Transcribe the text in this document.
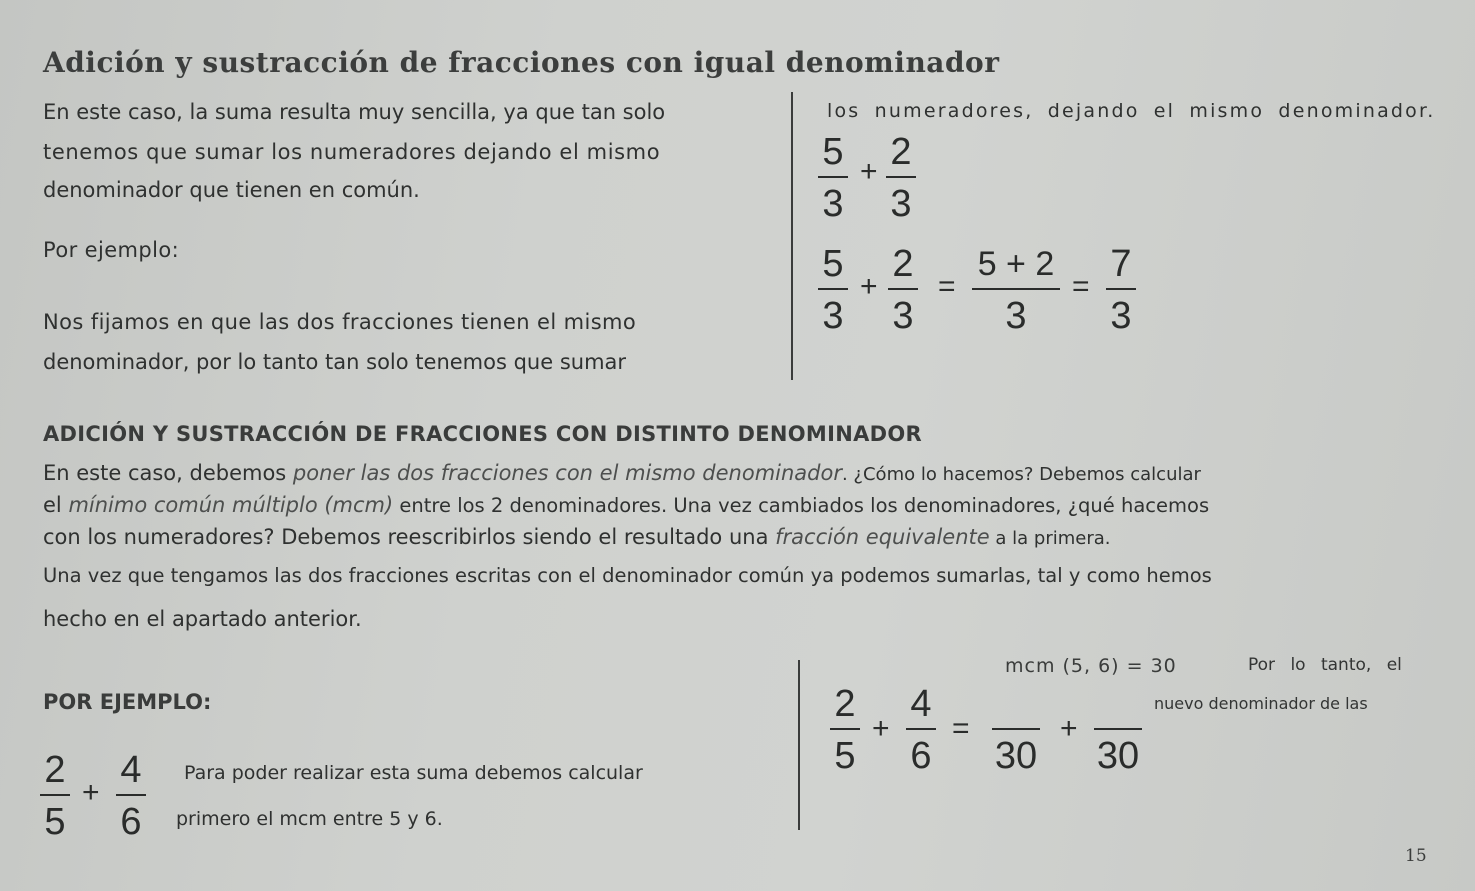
Adición y sustracción de fracciones con igual denominador
En este caso, la suma resulta muy sencilla, ya que tan solo
tenemos que sumar los numeradores dejando el mismo
denominador que tienen en común.
Por ejemplo:
Nos fijamos en que las dos fracciones tienen el mismo
denominador, por lo tanto tan solo tenemos que sumar
los numeradores, dejando el mismo denominador.
5
3
+ 2
3
5
3
+
2
3
=
5 + 2
3
=
7
3
ADICIÓN Y SUSTRACCIÓN DE FRACCIONES CON DISTINTO DENOMINADOR
En este caso, debemos poner las dos fracciones con el mismo denominador. ¿Cómo lo hacemos? Debemos calcular
el mínimo común múltiplo (mcm) entre los 2 denominadores. Una vez cambiados los denominadores, ¿qué hacemos
con los numeradores? Debemos reescribirlos siendo el resultado una fracción equivalente a la primera.
Una vez que tengamos las dos fracciones escritas con el denominador común ya podemos sumarlas, tal y como hemos
hecho en el apartado anterior.
POR EJEMPLO:
2
5
+
4
6
Para poder realizar esta suma debemos calcular
primero el mcm entre 5 y 6.
mcm (5, 6) = 30	Por lo tanto, el
nuevo denominador de las
2
5
+
4
6
=

30
+

30
15
